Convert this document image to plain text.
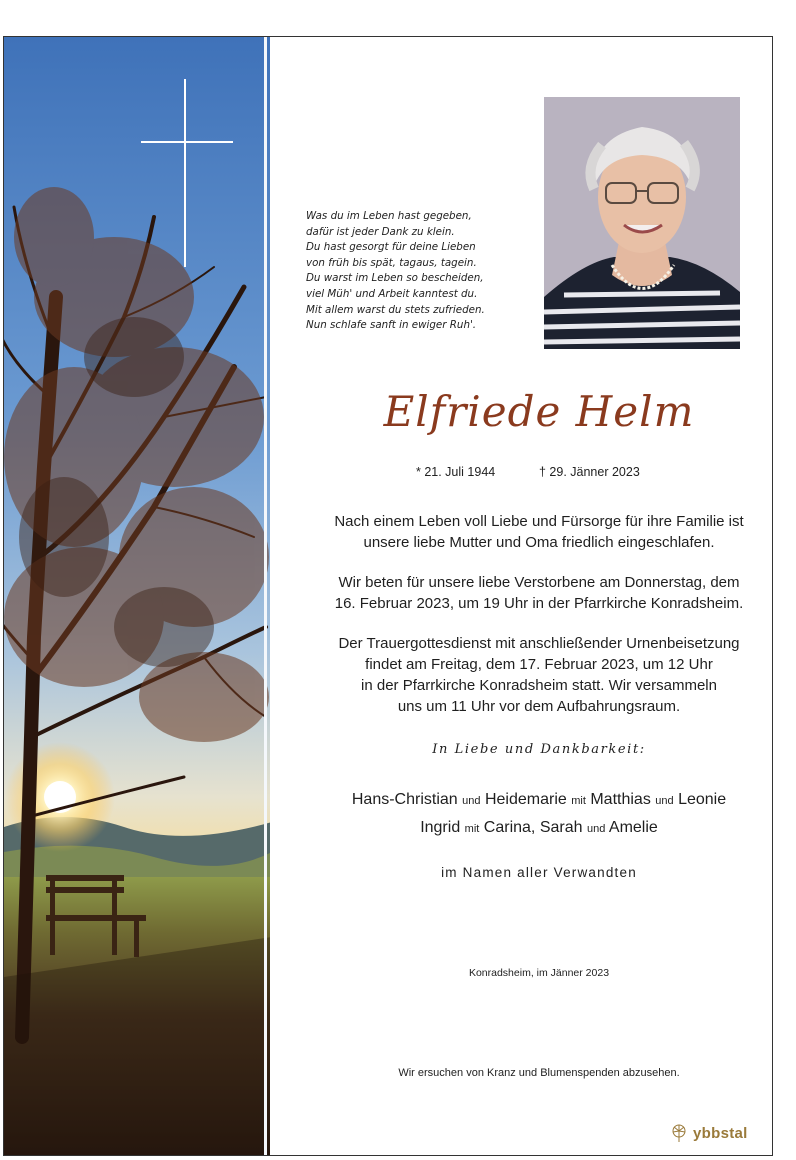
Was du im Leben hast gegeben,
dafür ist jeder Dank zu klein.
Du hast gesorgt für deine Lieben
von früh bis spät, tagaus, tagein.
Du warst im Leben so bescheiden,
viel Müh' und Arbeit kanntest du.
Mit allem warst du stets zufrieden.
Nun schlafe sanft in ewiger Ruh'.
Elfriede Helm
* 21. Juli 1944	† 29. Jänner 2023
Nach einem Leben voll Liebe und Fürsorge für ihre Familie ist
unsere liebe Mutter und Oma friedlich eingeschlafen.
Wir beten für unsere liebe Verstorbene am Donnerstag, dem
16. Februar 2023, um 19 Uhr in der Pfarrkirche Konradsheim.
Der Trauergottesdienst mit anschließender Urnenbeisetzung
findet am Freitag, dem 17. Februar 2023, um 12 Uhr
in der Pfarrkirche Konradsheim statt. Wir versammeln
uns um 11 Uhr vor dem Aufbahrungsraum.
In Liebe und Dankbarkeit:
Hans-Christian und Heidemarie mit Matthias und Leonie
Ingrid mit Carina, Sarah und Amelie
im Namen aller Verwandten
Konradsheim, im Jänner 2023
Wir ersuchen von Kranz und Blumenspenden abzusehen.
ybbstal
